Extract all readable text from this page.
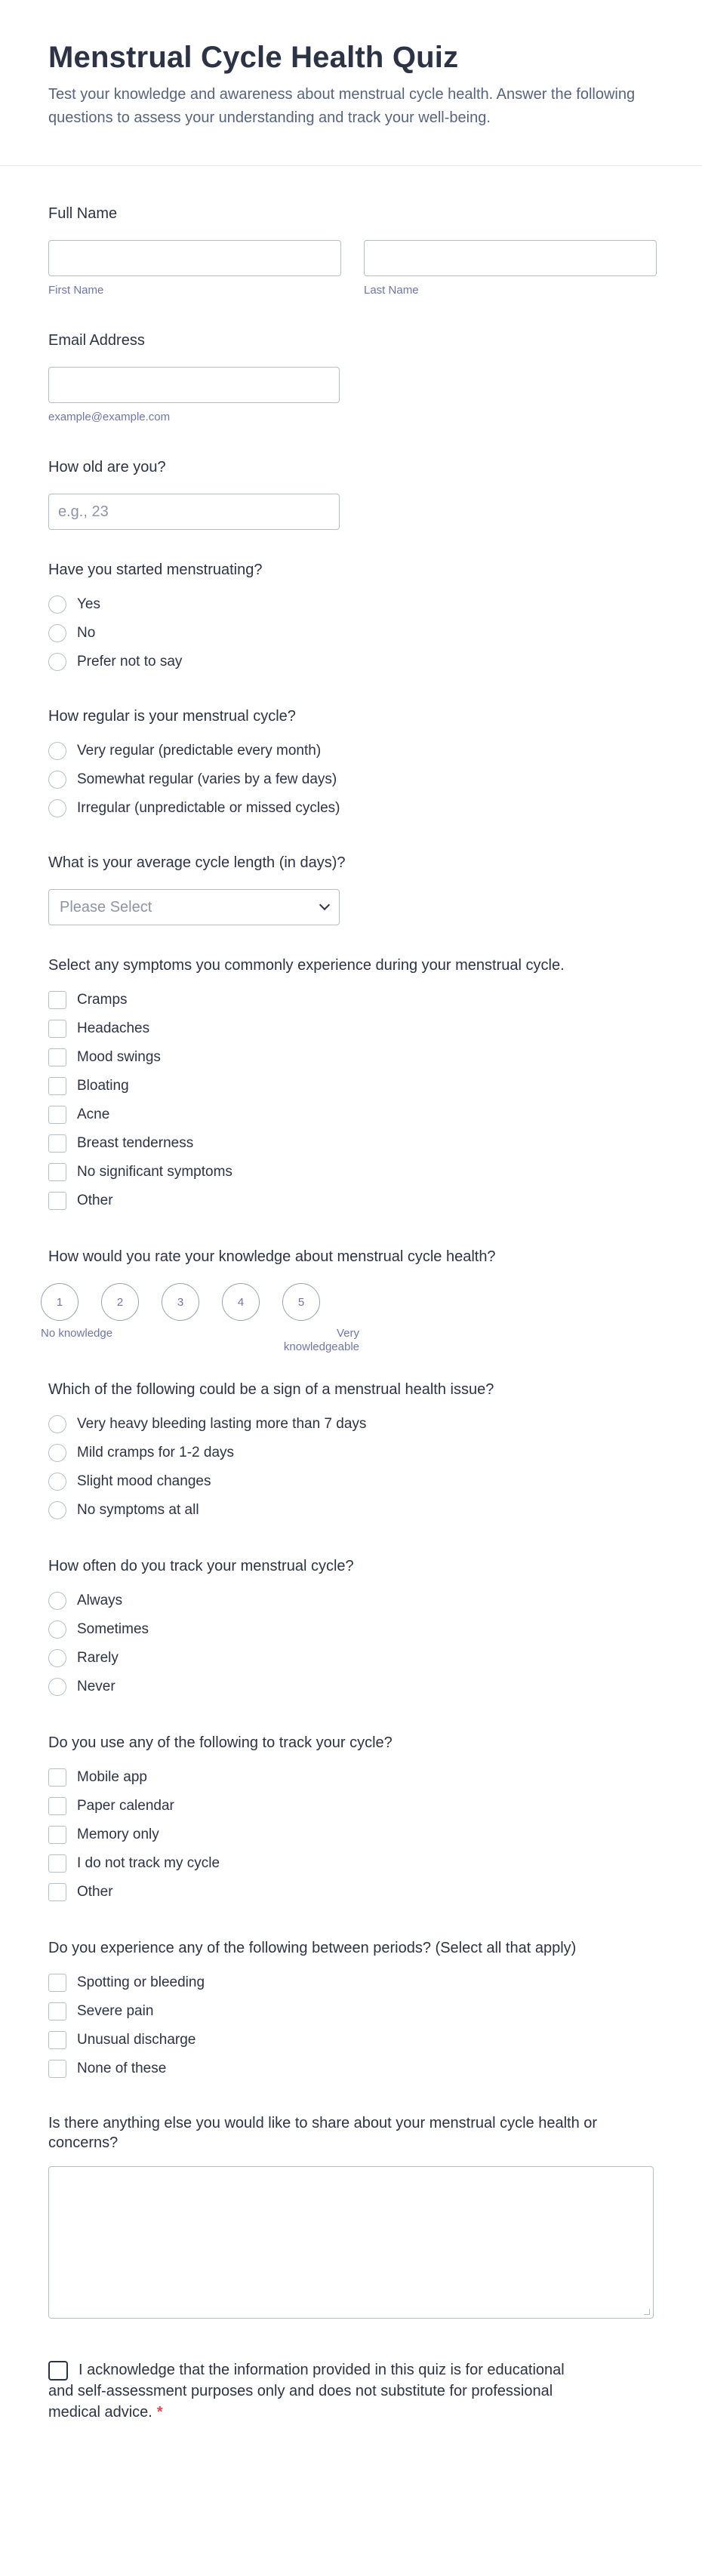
Menstrual Cycle Health Quiz

Test your knowledge and awareness about menstrual cycle health. Answer the following questions to assess your understanding and track your well-being.

Full Name
First Name	Last Name
Email Address
example@example.com
How old are you?
e.g., 23
Have you started menstruating?
Yes
No
Prefer not to say
How regular is your menstrual cycle?
Very regular (predictable every month)
Somewhat regular (varies by a few days)
Irregular (unpredictable or missed cycles)
What is your average cycle length (in days)?
Please Select
Select any symptoms you commonly experience during your menstrual cycle.
Cramps
Headaches
Mood swings
Bloating
Acne
Breast tenderness
No significant symptoms
Other
How would you rate your knowledge about menstrual cycle health?
1	2	3	4	5
No knowledge	Very knowledgeable
Which of the following could be a sign of a menstrual health issue?
Very heavy bleeding lasting more than 7 days
Mild cramps for 1-2 days
Slight mood changes
No symptoms at all
How often do you track your menstrual cycle?
Always
Sometimes
Rarely
Never
Do you use any of the following to track your cycle?
Mobile app
Paper calendar
Memory only
I do not track my cycle
Other
Do you experience any of the following between periods? (Select all that apply)
Spotting or bleeding
Severe pain
Unusual discharge
None of these
Is there anything else you would like to share about your menstrual cycle health or concerns?

I acknowledge that the information provided in this quiz is for educational and self-assessment purposes only and does not substitute for professional medical advice. *
